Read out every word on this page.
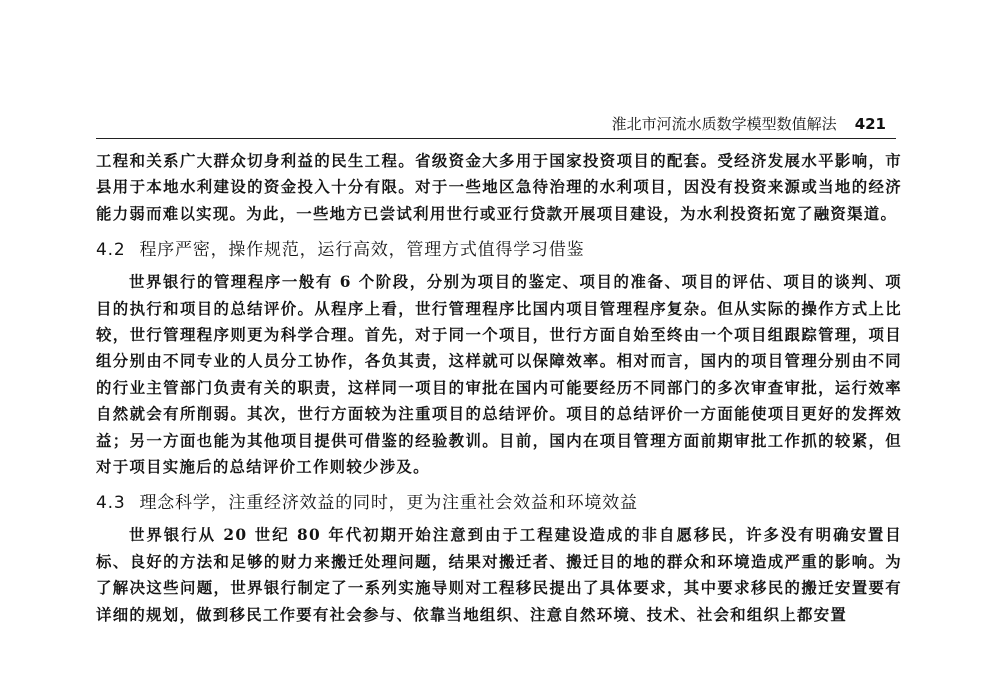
淮北市河流水质数学模型数值解法 421

工程和关系广大群众切身利益的民生工程。省级资金大多用于国家投资项目的配套。受经济发展水平影响，市县用于本地水利建设的资金投入十分有限。对于一些地区急待治理的水利项目，因没有投资来源或当地的经济能力弱而难以实现。为此，一些地方已尝试利用世行或亚行贷款开展项目建设，为水利投资拓宽了融资渠道。

4.2 程序严密，操作规范，运行高效，管理方式值得学习借鉴

世界银行的管理程序一般有 6 个阶段，分别为项目的鉴定、项目的准备、项目的评估、项目的谈判、项目的执行和项目的总结评价。从程序上看，世行管理程序比国内项目管理程序复杂。但从实际的操作方式上比较，世行管理程序则更为科学合理。首先，对于同一个项目，世行方面自始至终由一个项目组跟踪管理，项目组分别由不同专业的人员分工协作，各负其责，这样就可以保障效率。相对而言，国内的项目管理分别由不同的行业主管部门负责有关的职责，这样同一项目的审批在国内可能要经历不同部门的多次审查审批，运行效率自然就会有所削弱。其次，世行方面较为注重项目的总结评价。项目的总结评价一方面能使项目更好的发挥效益；另一方面也能为其他项目提供可借鉴的经验教训。目前，国内在项目管理方面前期审批工作抓的较紧，但对于项目实施后的总结评价工作则较少涉及。

4.3 理念科学，注重经济效益的同时，更为注重社会效益和环境效益

世界银行从 20 世纪 80 年代初期开始注意到由于工程建设造成的非自愿移民，许多没有明确安置目标、良好的方法和足够的财力来搬迁处理问题，结果对搬迁者、搬迁目的地的群众和环境造成严重的影响。为了解决这些问题，世界银行制定了一系列实施导则对工程移民提出了具体要求，其中要求移民的搬迁安置要有详细的规划，做到移民工作要有社会参与、依靠当地组织、注意自然环境、技术、社会和组织上都安置
